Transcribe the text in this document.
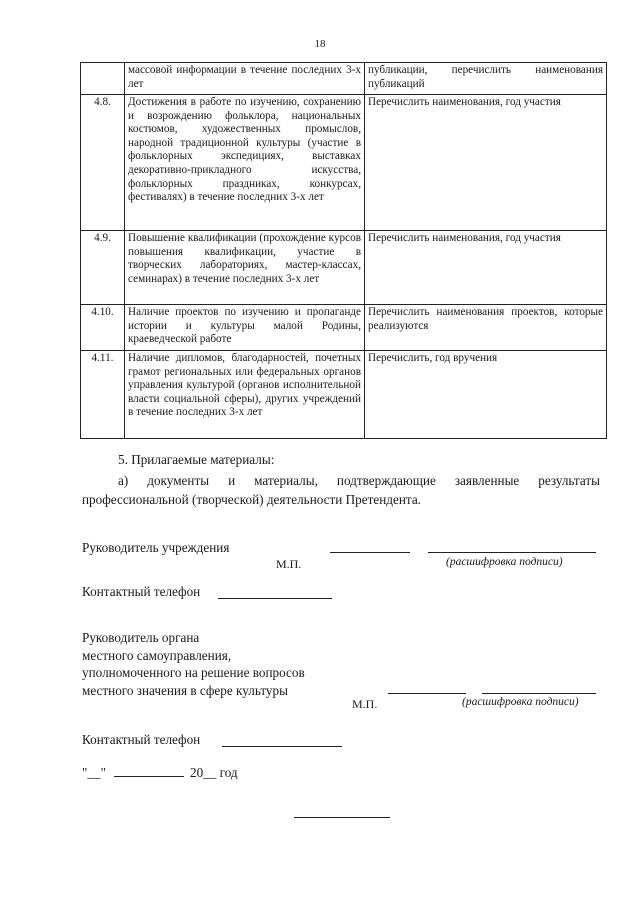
18
	массовой информации в течение последних 3-х лет	публикации, перечислить наименования публикаций
4.8.	Достижения в работе по изучению, сохранению и возрождению фольклора, национальных костюмов, художественных промыслов, народной традиционной культуры (участие в фольклорных экспедициях, выставках декоративно-прикладного искусства, фольклорных праздниках, конкурсах, фестивалях) в течение последних 3-х лет	Перечислить наименования, год участия
4.9.	Повышение квалификации (прохождение курсов повышения квалификации, участие в творческих лабораториях, мастер-классах, семинарах) в течение последних 3-х лет	Перечислить наименования, год участия
4.10.	Наличие проектов по изучению и пропаганде истории и культуры малой Родины, краеведческой работе	Перечислить наименования проектов, которые реализуются
4.11.	Наличие дипломов, благодарностей, почетных грамот региональных или федеральных органов управления культурой (органов исполнительной власти социальной сферы), других учреждений в течение последних 3-х лет	Перечислить, год вручения
5. Прилагаемые материалы:
а) документы и материалы, подтверждающие заявленные результаты профессиональной (творческой) деятельности Претендента.
Руководитель учреждения
М.П.	(расшифровка подписи)
Контактный телефон
Руководитель органа
местного самоуправления,
уполномоченного на решение вопросов
местного значения в сфере культуры
М.П.	(расшифровка подписи)
Контактный телефон
"__"	20__ год
